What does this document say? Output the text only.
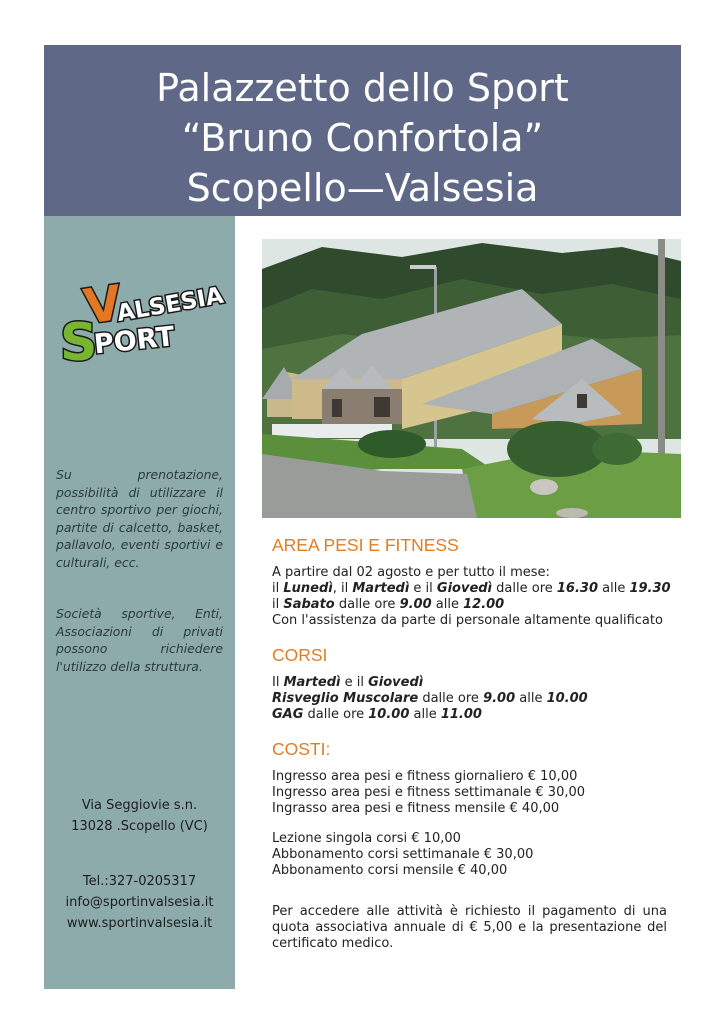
Palazzetto dello Sport
“Bruno Confortola”
Scopello—Valsesia
S
V
ALSESIA
PORT
Su prenotazione, possibilità di utilizzare il centro sportivo per giochi, partite di calcetto, basket, pallavolo, eventi sportivi e culturali, ecc.
Società sportive, Enti, Associazioni di privati possono richiedere l'utilizzo della struttura.
Via Seggiovie s.n.
13028 .Scopello (VC)
Tel.:327-0205317
info@sportinvalsesia.it
www.sportinvalsesia.it
AREA PESI E FITNESS
A partire dal 02 agosto e per tutto il mese:
il Lunedì, il Martedì e il Giovedì dalle ore 16.30 alle 19.30
il Sabato dalle ore 9.00 alle 12.00
Con l'assistenza da parte di personale altamente qualificato
CORSI
Il Martedì e il Giovedì
Risveglio Muscolare dalle ore 9.00 alle 10.00
GAG dalle ore 10.00 alle 11.00
COSTI:
Ingresso area pesi e fitness giornaliero € 10,00
Ingresso area pesi e fitness settimanale € 30,00
Ingrasso area pesi e fitness mensile € 40,00
Lezione singola corsi € 10,00
Abbonamento corsi settimanale € 30,00
Abbonamento corsi mensile € 40,00
Per accedere alle attività è richiesto il pagamento di una quota associativa annuale di € 5,00 e la presentazione del certificato medico.
